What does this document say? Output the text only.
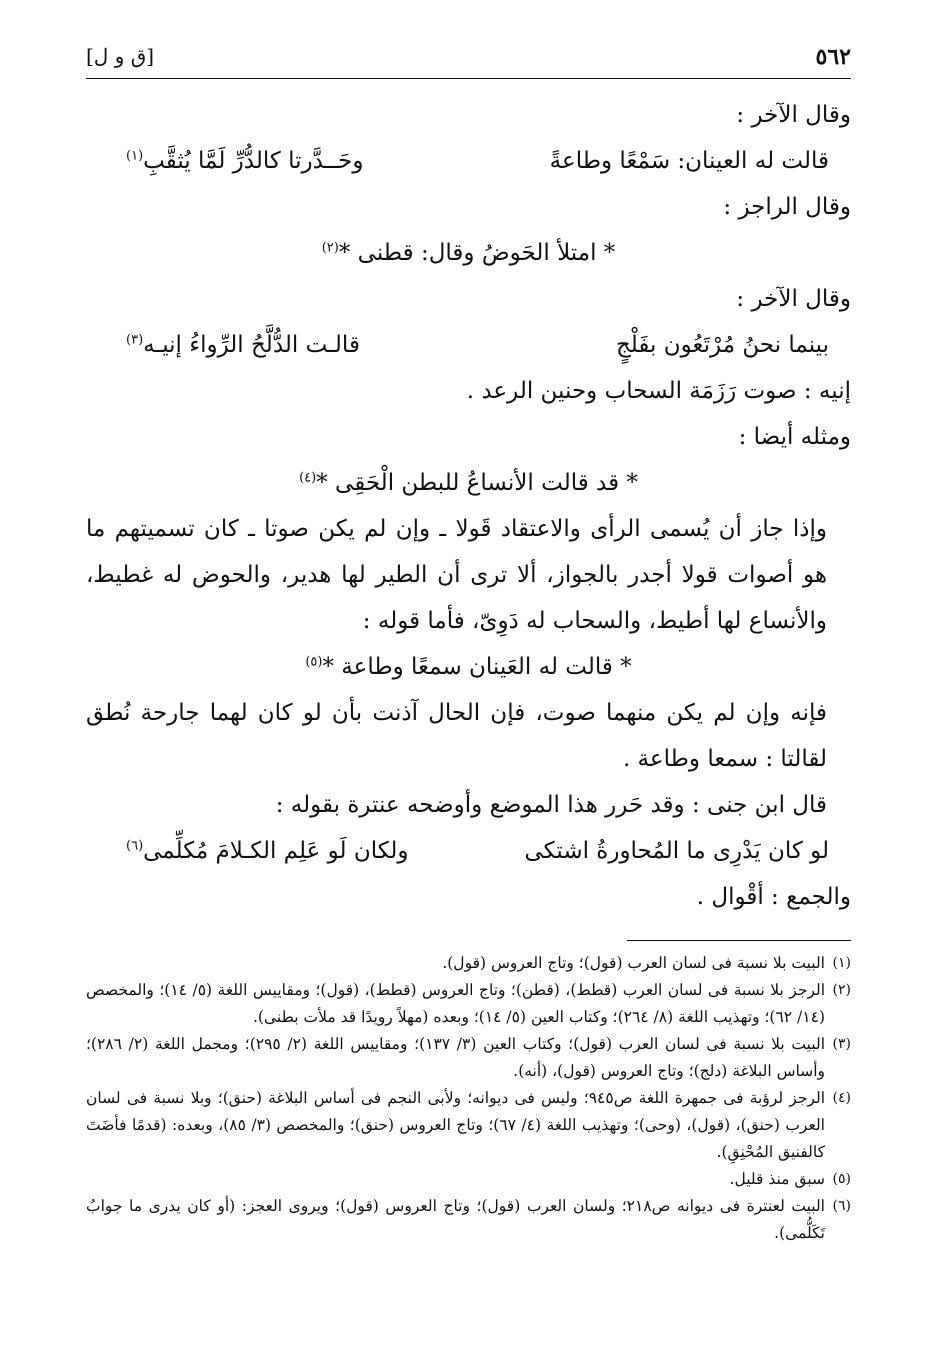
٥٦٢
[ق و ل]
وقال الآخر :
قالت له العينان: سَمْعًا وطاعةً
وحَــدَّرتا كالدُّرِّ لَمَّا يُثقَّبِ$^{(١)}$
وقال الراجز :
* امتلأ الحَوضُ وقال: قطنى *$^{(٢)}$
وقال الآخر :
بينما نحنُ مُرْتَعُون بفَلْجٍ
قالـت الدُّلَّحُ الرِّواءُ إنيـه$^{(٣)}$
إنيه : صوت رَزَمَة السحاب وحنين الرعد .
ومثله أيضا :
* قد قالت الأنساعُ للبطن الْحَقِى *$^{(٤)}$
وإذا جاز أن يُسمى الرأى والاعتقاد قَولا ـ وإن لم يكن صوتا ـ كان تسميتهم ما هو أصوات قولا أجدر بالجواز، ألا ترى أن الطير لها هدير، والحوض له غطيط، والأنساع لها أطيط، والسحاب له دَوِىّ، فأما قوله :
* قالت له العَينان سمعًا وطاعة *$^{(٥)}$
فإنه وإن لم يكن منهما صوت، فإن الحال آذنت بأن لو كان لهما جارحة نُطق لقالتا : سمعا وطاعة .
قال ابن جنى : وقد حَرر هذا الموضع وأوضحه عنترة بقوله :
لو كان يَدْرِى ما المُحاورةُ اشتكى
ولكان لَو عَلِم الكـلامَ مُكلِّمى$^{(٦)}$
والجمع : أقْوال .
(١)
البيت بلا نسبة فى لسان العرب (قول)؛ وتاج العروس (قول).
(٢)
الرجز بلا نسبة فى لسان العرب (قطط)، (قطن)؛ وتاج العروس (قطط)، (قول)؛ ومقاييس اللغة (٥/ ١٤)؛ والمخصص (١٤/ ٦٢)؛ وتهذيب اللغة (٨/ ٢٦٤)؛ وكتاب العين (٥/ ١٤)؛ وبعده (مهلاً رويدًا قد ملأت بطنى).
(٣)
البيت بلا نسبة فى لسان العرب (قول)؛ وكتاب العين (٣/ ١٣٧)؛ ومقاييس اللغة (٢/ ٢٩٥)؛ ومجمل اللغة (٢/ ٢٨٦)؛ وأساس البلاغة (دلج)؛ وتاج العروس (قول)، (أنه).
(٤)
الرجز لرؤبة فى جمهرة اللغة ص٩٤٥؛ وليس فى ديوانه؛ ولأبى النجم فى أساس البلاغة (حنق)؛ وبلا نسبة فى لسان العرب (حنق)، (قول)، (وحى)؛ وتهذيب اللغة (٤/ ٦٧)؛ وتاج العروس (حنق)؛ والمخصص (٣/ ٨٥)، وبعده: (قدمًا فأضَتَ كالفنيق المُحْنِقِ).
(٥)
سبق منذ قليل.
(٦)
البيت لعنترة فى ديوانه ص٢١٨؛ ولسان العرب (قول)؛ وتاج العروس (قول)؛ ويروى العجز: (أو كان يدرى ما جوابُ تَكَلُّمى).
